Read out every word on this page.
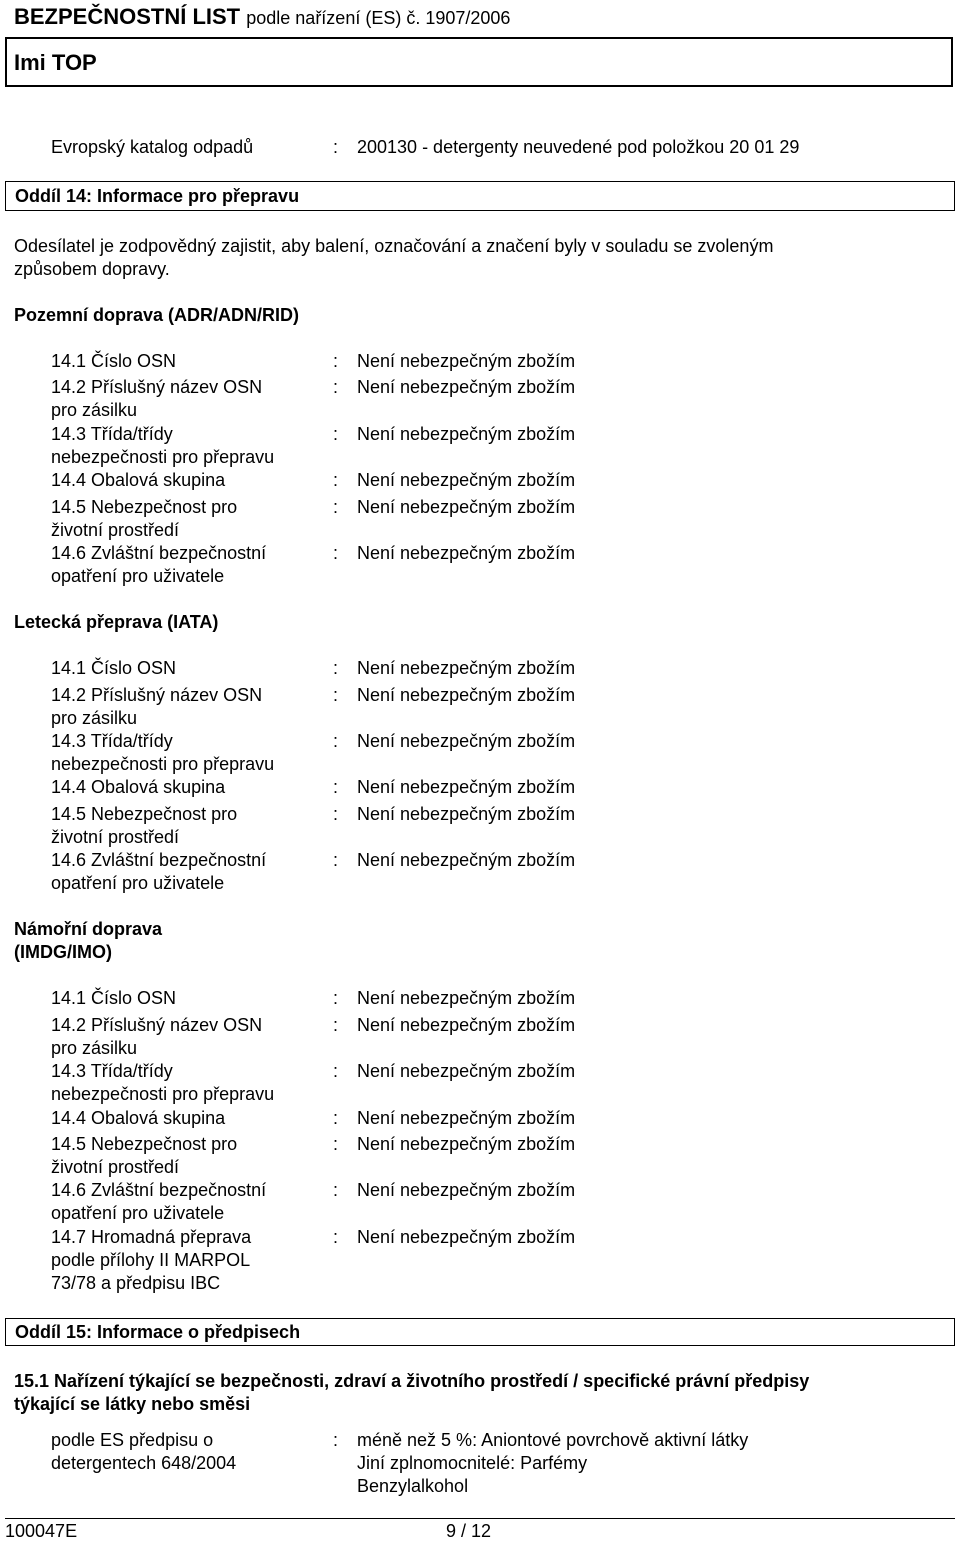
BEZPEČNOSTNÍ LIST podle nařízení (ES) č. 1907/2006
Imi TOP
Evropský katalog odpadů	: 200130 - detergenty neuvedené pod položkou 20 01 29
Oddíl 14: Informace pro přepravu
Odesílatel je zodpovědný zajistit, aby balení, označování a značení byly v souladu se zvoleným
způsobem dopravy.
Pozemní doprava (ADR/ADN/RID)
14.1 Číslo OSN	: Není nebezpečným zbožím
14.2 Příslušný název OSN
pro zásilku
: Není nebezpečným zbožím
14.3 Třída/třídy
nebezpečnosti pro přepravu
: Není nebezpečným zbožím
14.4 Obalová skupina	: Není nebezpečným zbožím
14.5 Nebezpečnost pro
životní prostředí
: Není nebezpečným zbožím
14.6 Zvláštní bezpečnostní
opatření pro uživatele
: Není nebezpečným zbožím
Letecká přeprava (IATA)
14.1 Číslo OSN	: Není nebezpečným zbožím
14.2 Příslušný název OSN
pro zásilku
: Není nebezpečným zbožím
14.3 Třída/třídy
nebezpečnosti pro přepravu
: Není nebezpečným zbožím
14.4 Obalová skupina	: Není nebezpečným zbožím
14.5 Nebezpečnost pro
životní prostředí
: Není nebezpečným zbožím
14.6 Zvláštní bezpečnostní
opatření pro uživatele
: Není nebezpečným zbožím
Námořní doprava
(IMDG/IMO)
14.1 Číslo OSN	: Není nebezpečným zbožím
14.2 Příslušný název OSN
pro zásilku
: Není nebezpečným zbožím
14.3 Třída/třídy
nebezpečnosti pro přepravu
: Není nebezpečným zbožím
14.4 Obalová skupina	: Není nebezpečným zbožím
14.5 Nebezpečnost pro
životní prostředí
: Není nebezpečným zbožím
14.6 Zvláštní bezpečnostní
opatření pro uživatele
: Není nebezpečným zbožím
14.7 Hromadná přeprava
podle přílohy II MARPOL
73/78 a předpisu IBC
: Není nebezpečným zbožím
Oddíl 15: Informace o předpisech
15.1 Nařízení týkající se bezpečnosti, zdraví a životního prostředí / specifické právní předpisy
týkající se látky nebo směsi
podle ES předpisu o
detergentech 648/2004
: méně než 5 %: Aniontové povrchově aktivní látky
Jiní zplnomocnitelé: Parfémy
Benzylalkohol
100047E	9 / 12
